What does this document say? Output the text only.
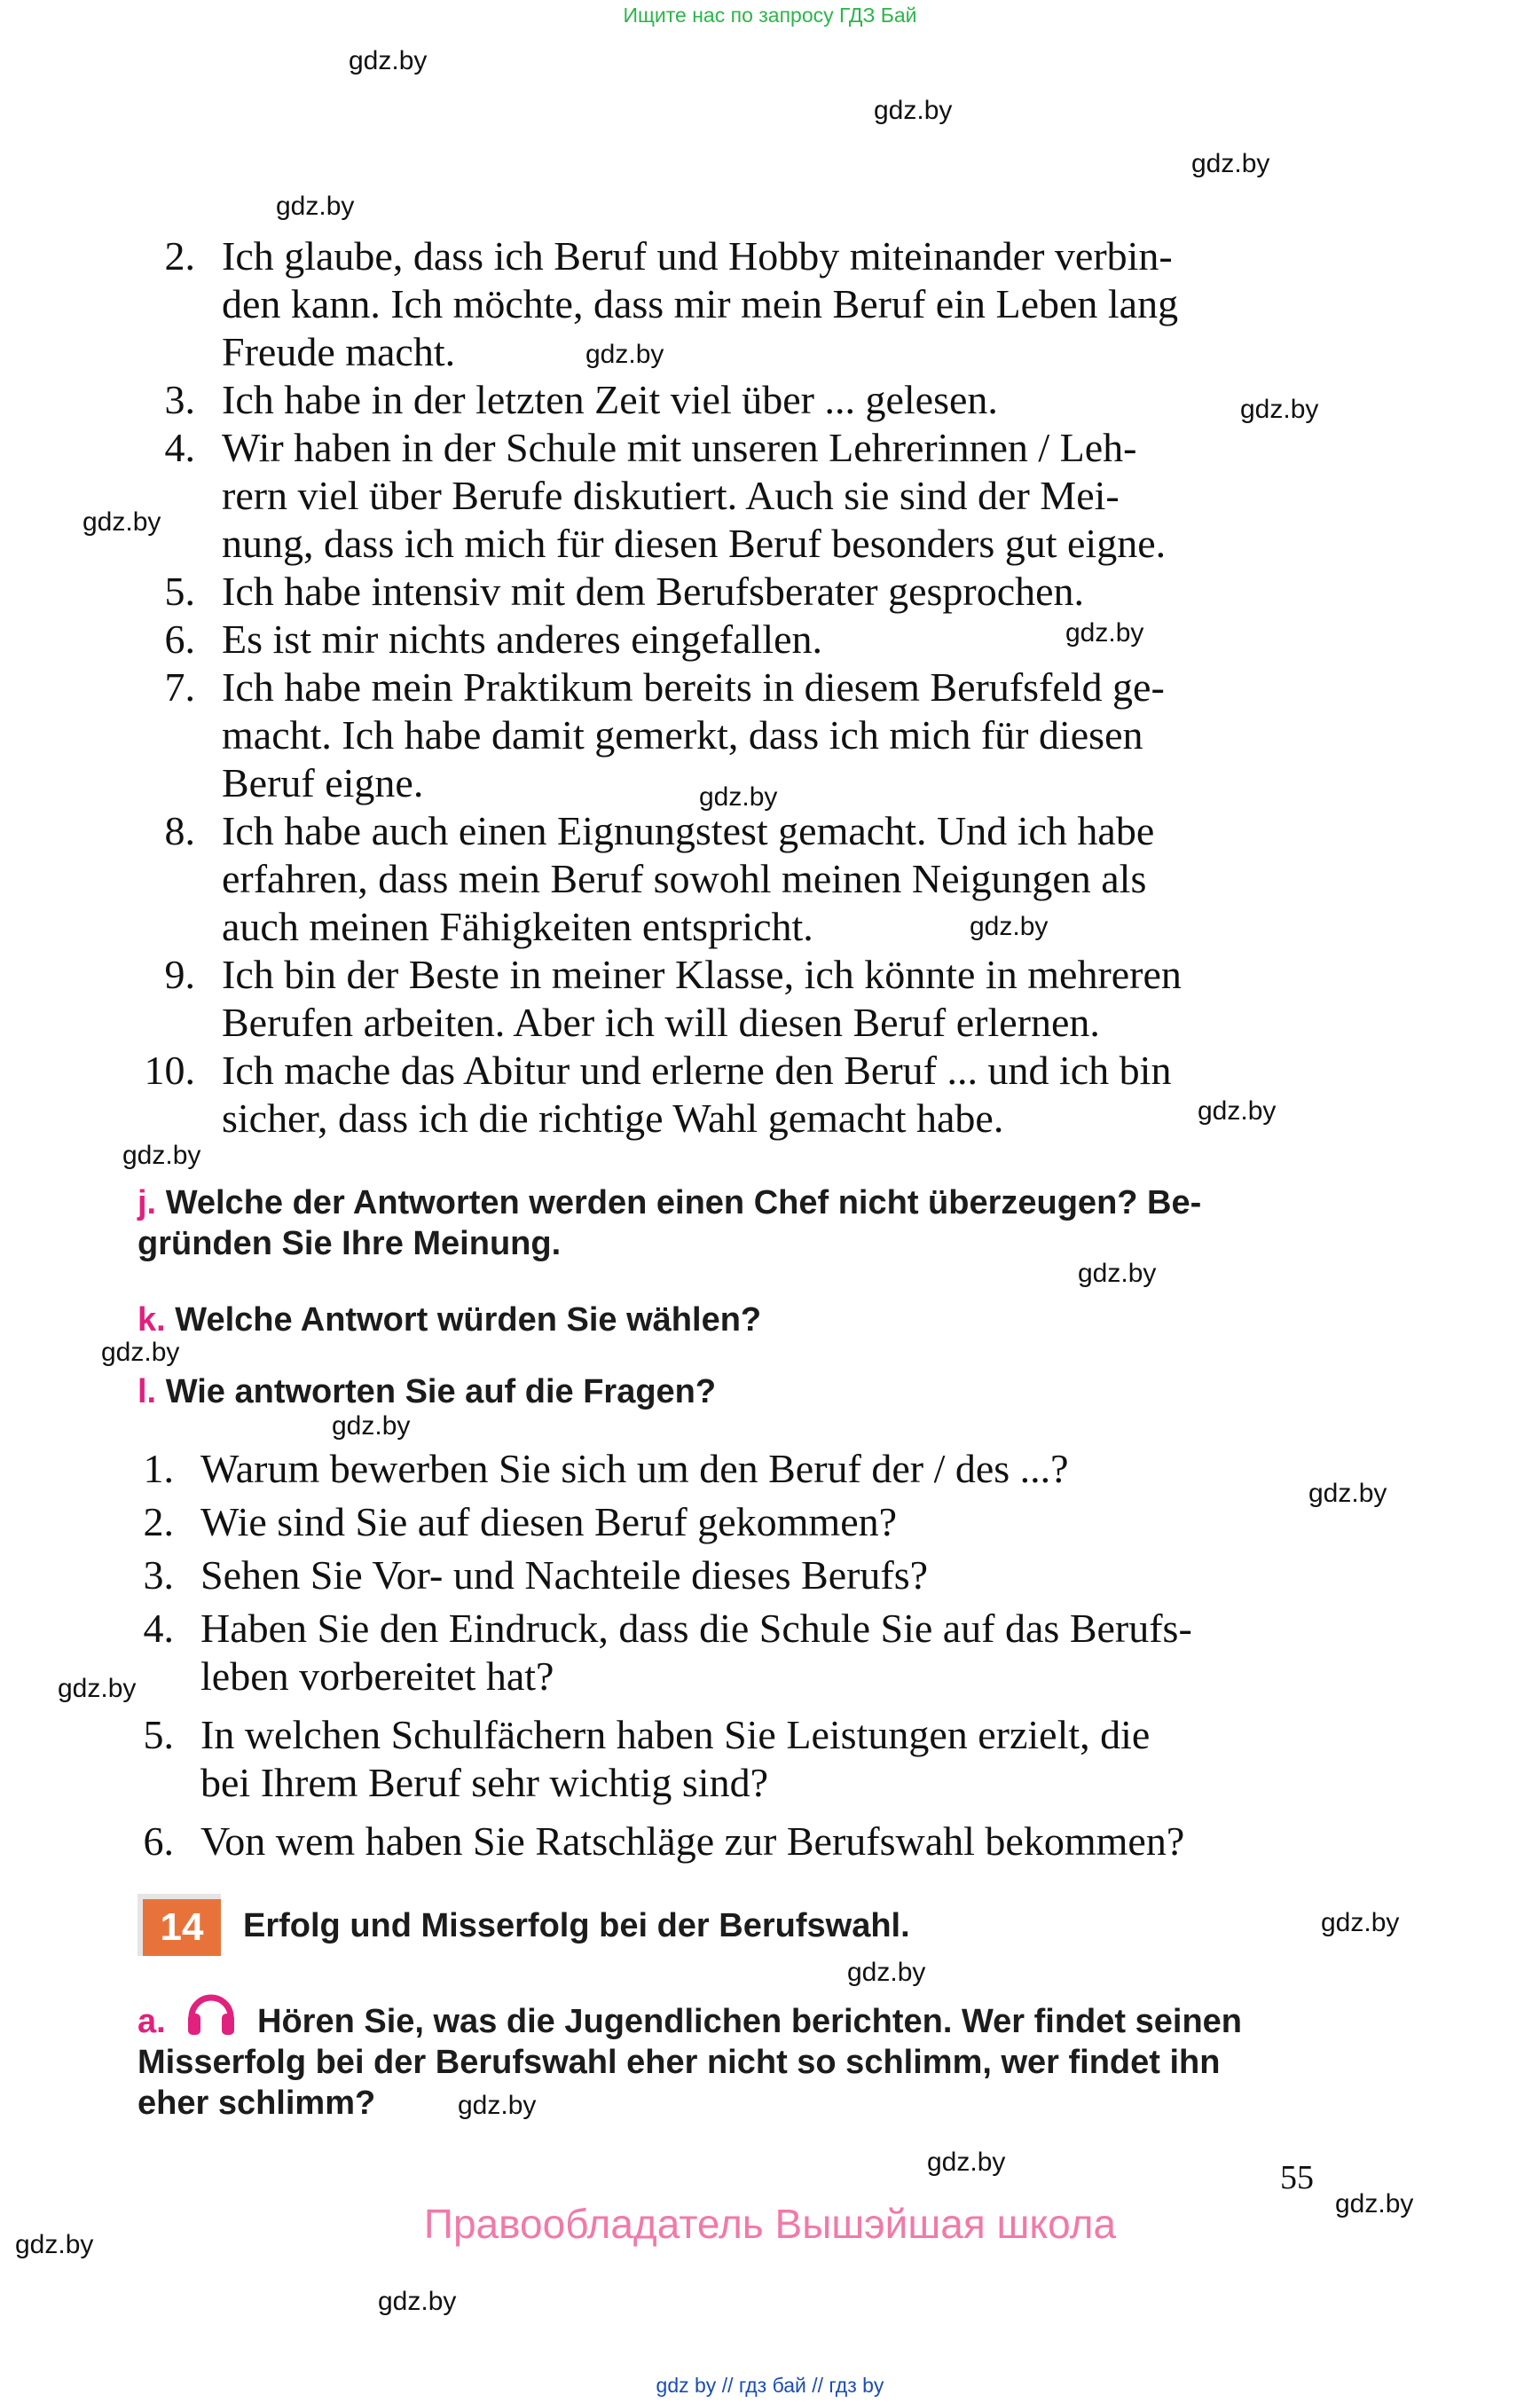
Ищите нас по запросу ГДЗ Бай
gdz.by
gdz.by
gdz.by
gdz.by
gdz.by
gdz.by
gdz.by
gdz.by
gdz.by
gdz.by
gdz.by
gdz.by
gdz.by
gdz.by
gdz.by
gdz.by
gdz.by
gdz.by
gdz.by
gdz.by
gdz.by
gdz.by
gdz.by
gdz.by
2. Ich glaube, dass ich Beruf und Hobby miteinander verbin-
den kann. Ich möchte, dass mir mein Beruf ein Leben lang
Freude macht.
3. Ich habe in der letzten Zeit viel über ... gelesen.
4. Wir haben in der Schule mit unseren Lehrerinnen / Leh-
rern viel über Berufe diskutiert. Auch sie sind der Mei-
nung, dass ich mich für diesen Beruf besonders gut eigne.
5. Ich habe intensiv mit dem Berufsberater gesprochen.
6. Es ist mir nichts anderes eingefallen.
7. Ich habe mein Praktikum bereits in diesem Berufsfeld ge-
macht. Ich habe damit gemerkt, dass ich mich für diesen
Beruf eigne.
8. Ich habe auch einen Eignungstest gemacht. Und ich habe
erfahren, dass mein Beruf sowohl meinen Neigungen als
auch meinen Fähigkeiten entspricht.
9. Ich bin der Beste in meiner Klasse, ich könnte in mehreren
Berufen arbeiten. Aber ich will diesen Beruf erlernen.
10. Ich mache das Abitur und erlerne den Beruf ... und ich bin
sicher, dass ich die richtige Wahl gemacht habe.
j. Welche der Antworten werden einen Chef nicht überzeugen? Be-
gründen Sie Ihre Meinung.
k. Welche Antwort würden Sie wählen?
l. Wie antworten Sie auf die Fragen?
1. Warum bewerben Sie sich um den Beruf der / des ...?
2. Wie sind Sie auf diesen Beruf gekommen?
3. Sehen Sie Vor- und Nachteile dieses Berufs?
4. Haben Sie den Eindruck, dass die Schule Sie auf das Berufs-
leben vorbereitet hat?
5. In welchen Schulfächern haben Sie Leistungen erzielt, die
bei Ihrem Beruf sehr wichtig sind?
6. Von wem haben Sie Ratschläge zur Berufswahl bekommen?
14	Erfolg und Misserfolg bei der Berufswahl.
a.	Hören Sie, was die Jugendlichen berichten. Wer findet seinen
Misserfolg bei der Berufswahl eher nicht so schlimm, wer findet ihn
eher schlimm?
55
Правообладатель Вышэйшая школа
gdz by // гдз бай // гдз by
